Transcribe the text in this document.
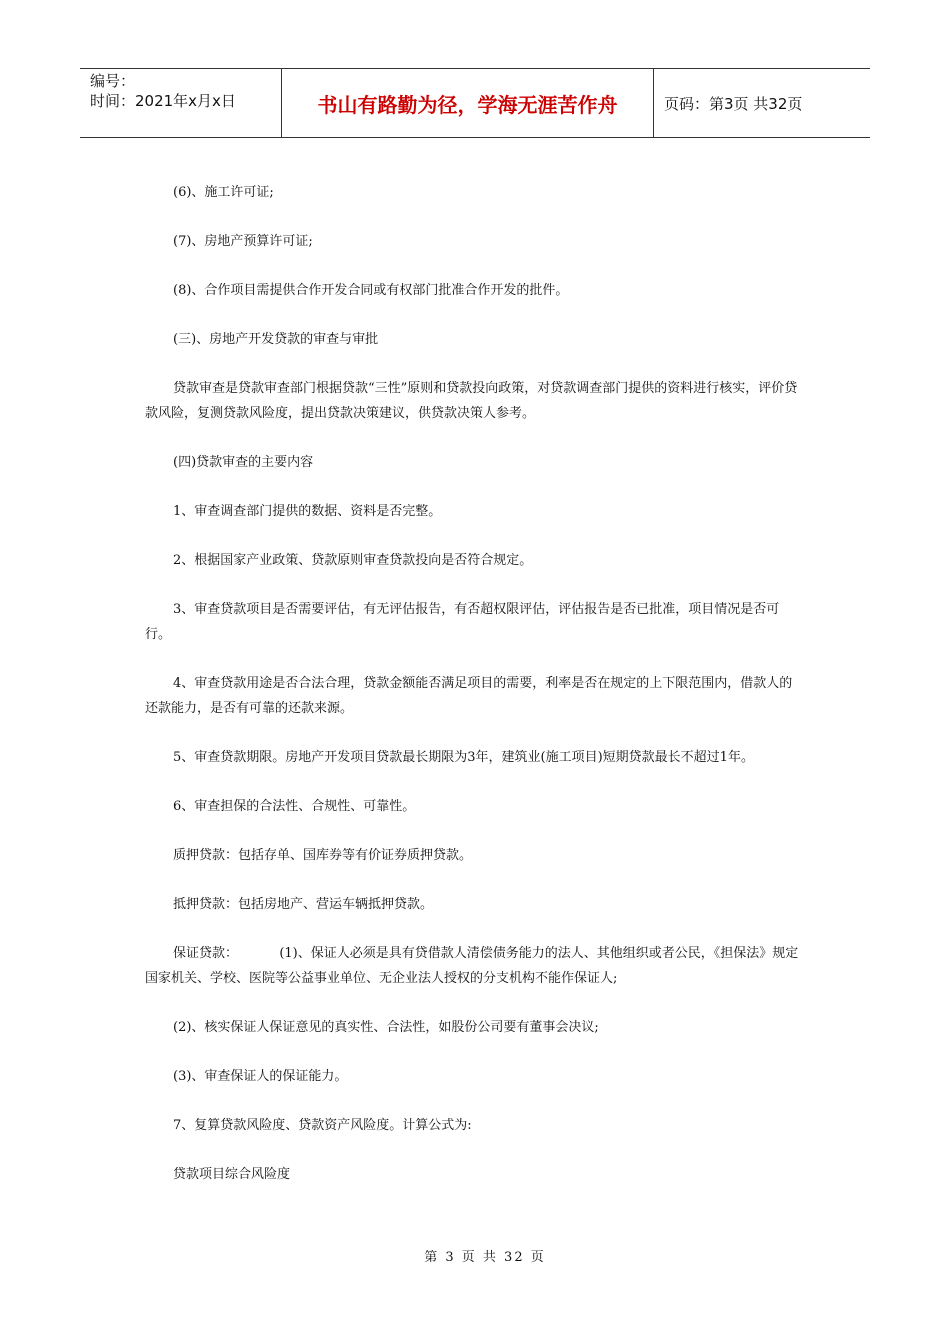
编号：
时间：2021年x月x日	书山有路勤为径，学海无涯苦作舟	页码：第3页 共32页

(6)、施工许可证;

(7)、房地产预算许可证;

(8)、合作项目需提供合作开发合同或有权部门批准合作开发的批件。

(三)、房地产开发贷款的审查与审批

贷款审查是贷款审查部门根据贷款“三性”原则和贷款投向政策，对贷款调查部门提供的资料进行核实，评价贷款风险，复测贷款风险度，提出贷款决策建议，供贷款决策人参考。

(四)贷款审查的主要内容

1、审查调查部门提供的数据、资料是否完整。

2、根据国家产业政策、贷款原则审查贷款投向是否符合规定。

3、审查贷款项目是否需要评估，有无评估报告，有否超权限评估，评估报告是否已批准，项目情况是否可行。

4、审查贷款用途是否合法合理，贷款金额能否满足项目的需要，利率是否在规定的上下限范围内，借款人的还款能力，是否有可靠的还款来源。

5、审查贷款期限。房地产开发项目贷款最长期限为3年，建筑业(施工项目)短期贷款最长不超过1年。

6、审查担保的合法性、合规性、可靠性。

质押贷款：包括存单、国库券等有价证券质押贷款。

抵押贷款：包括房地产、营运车辆抵押贷款。

保证贷款：          (1)、保证人必须是具有贷借款人清偿债务能力的法人、其他组织或者公民，《担保法》规定国家机关、学校、医院等公益事业单位、无企业法人授权的分支机构不能作保证人;

(2)、核实保证人保证意见的真实性、合法性，如股份公司要有董事会决议;

(3)、审查保证人的保证能力。

7、复算贷款风险度、贷款资产风险度。计算公式为:

贷款项目综合风险度

第 3 页 共 32 页
